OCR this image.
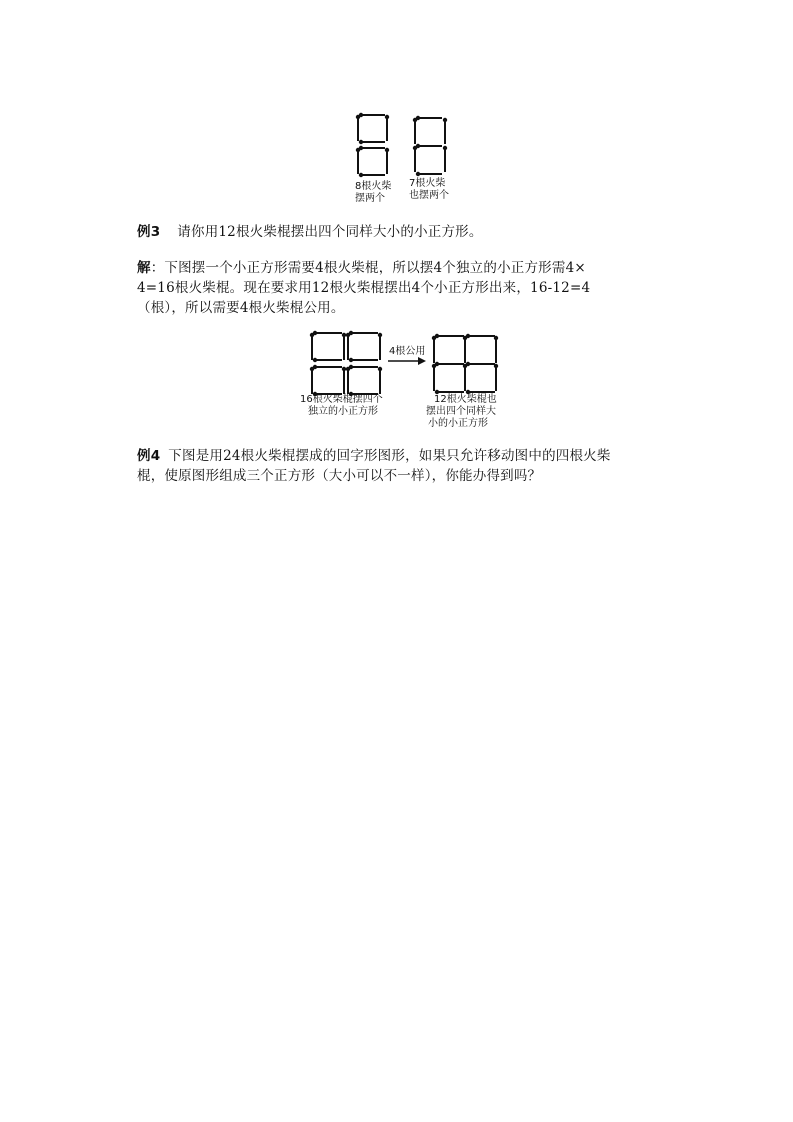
8根火柴
摆两个
7根火柴
也摆两个
例3 请你用12根火柴棍摆出四个同样大小的小正方形。
解：下图摆一个小正方形需要4根火柴棍，所以摆4个独立的小正方形需4×
4=16根火柴棍。现在要求用12根火柴棍摆出4个小正方形出来，16-12=4
（根），所以需要4根火柴棍公用。
4根公用
16根火柴棍摆四个
独立的小正方形
12根火柴棍也
摆出四个同样大
小的小正方形
例4 下图是用24根火柴棍摆成的回字形图形，如果只允许移动图中的四根火柴
棍，使原图形组成三个正方形（大小可以不一样），你能办得到吗？
